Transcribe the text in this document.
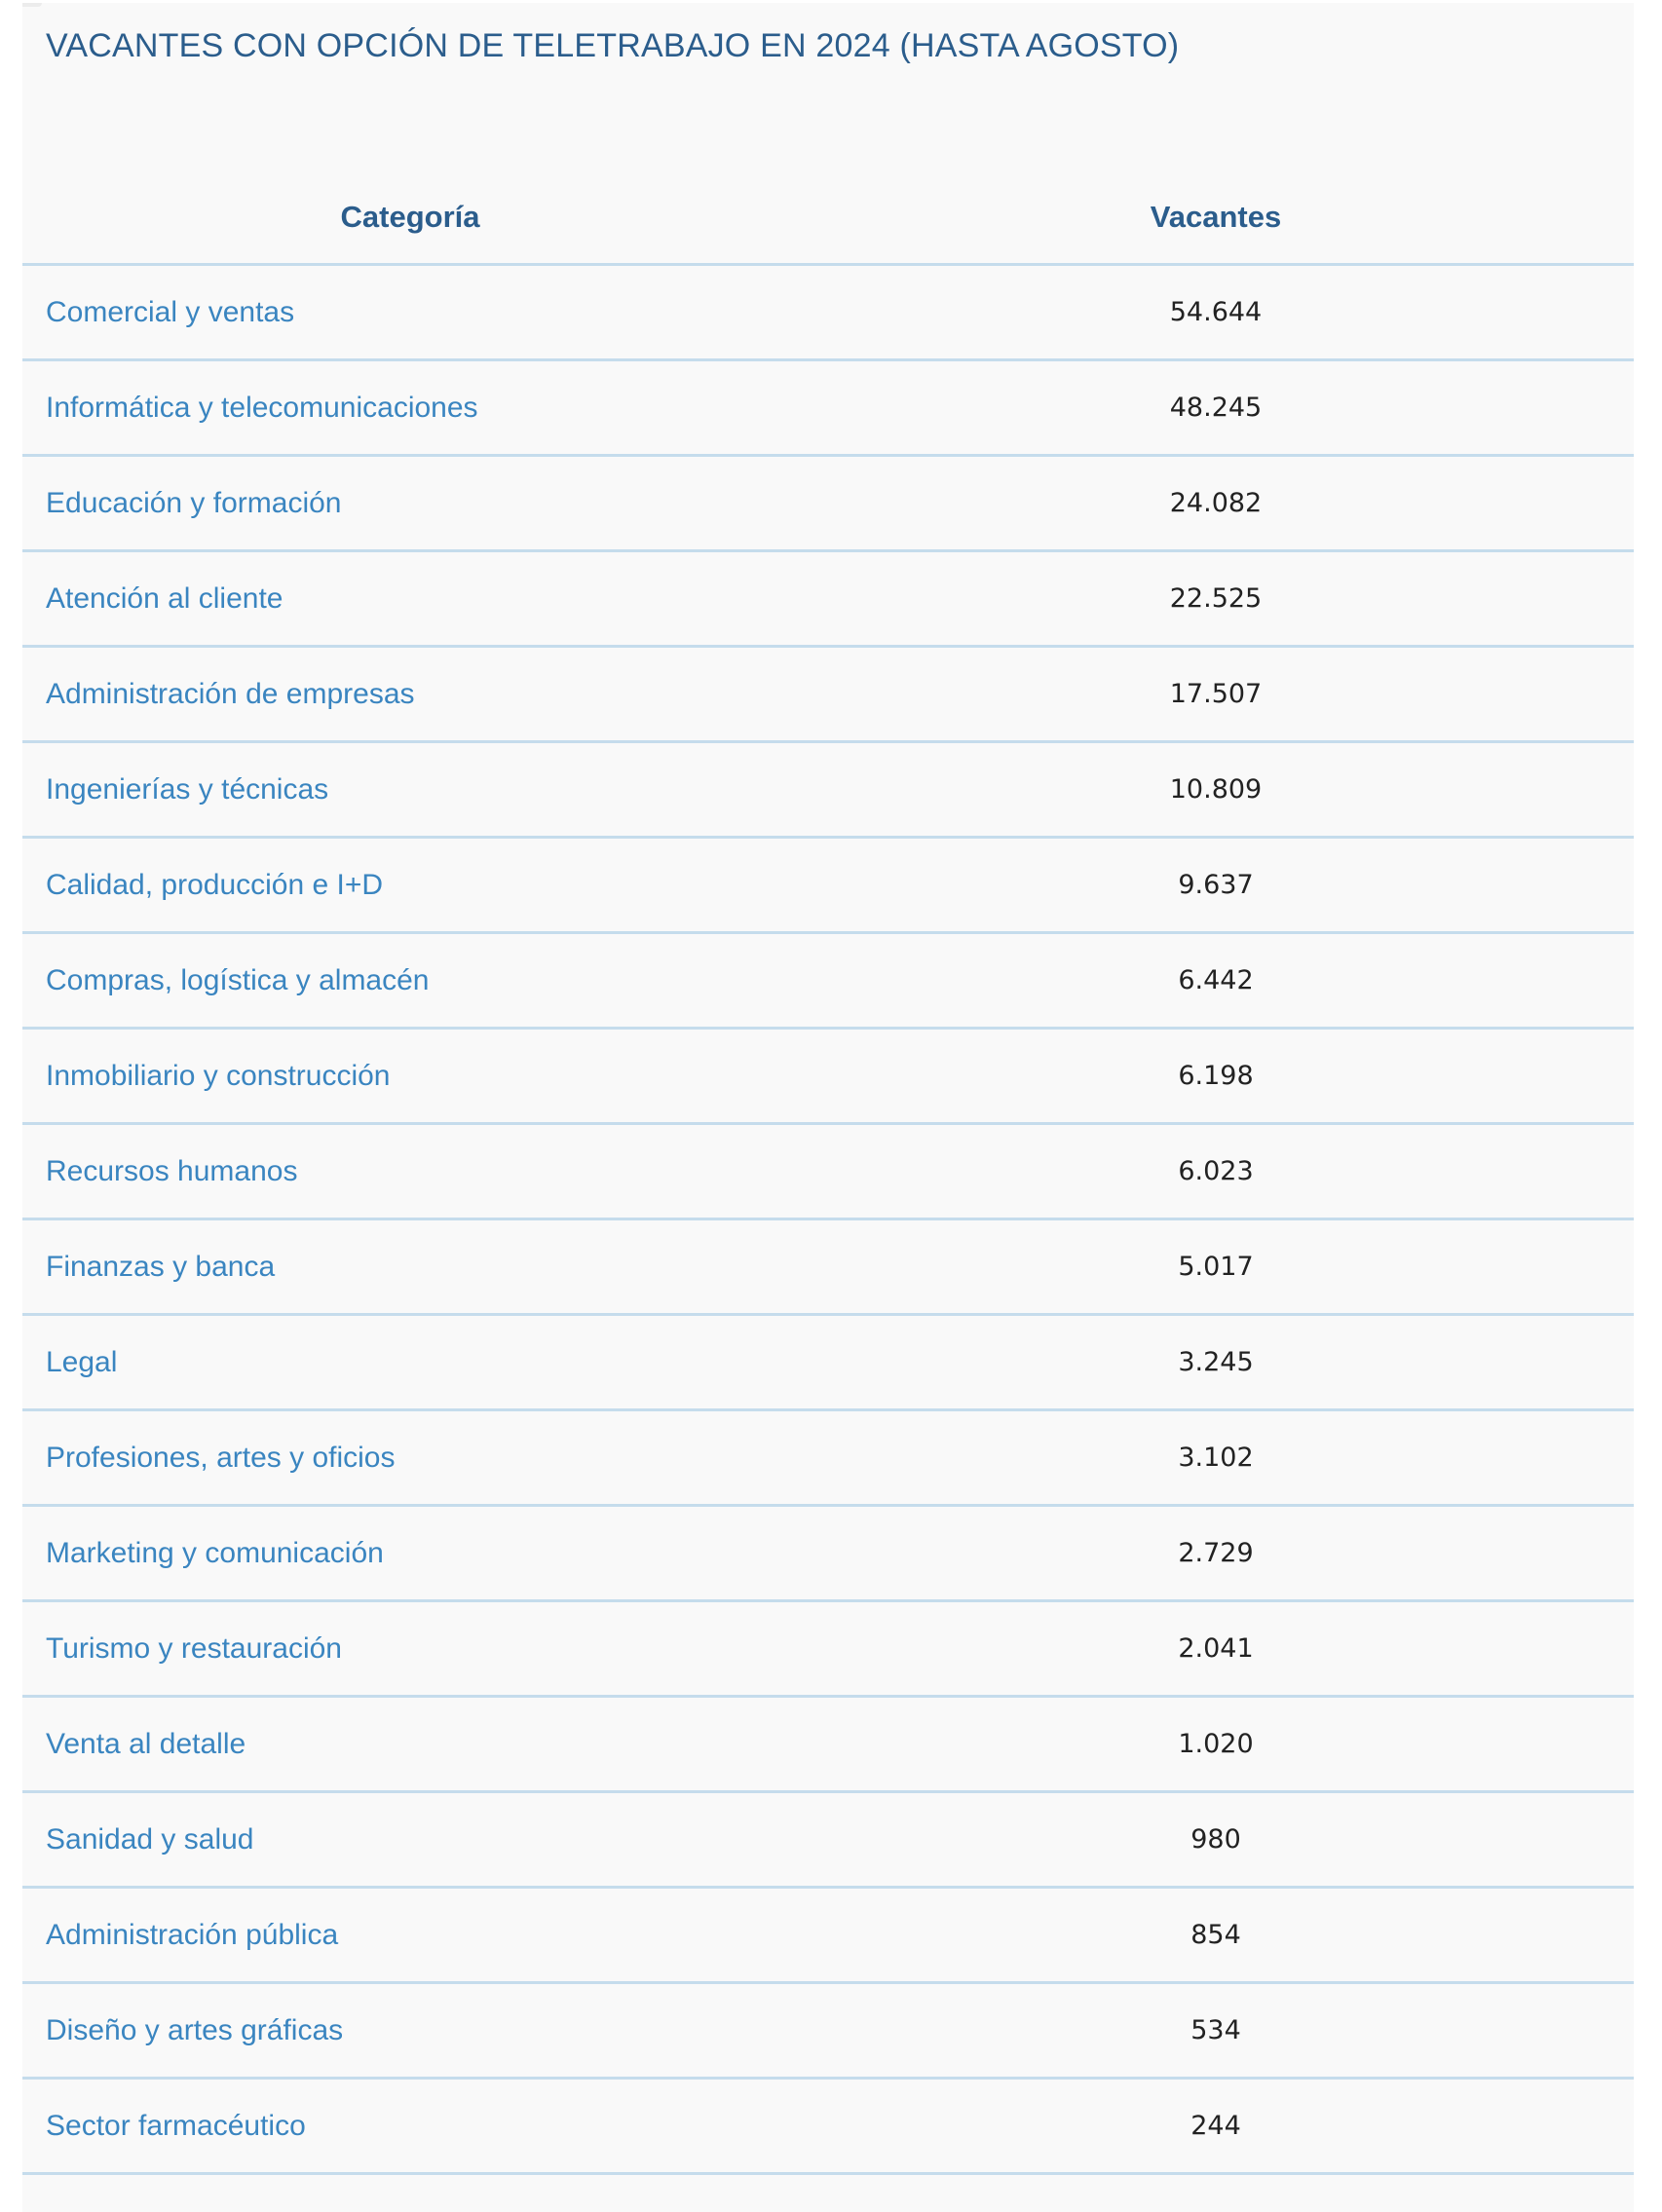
VACANTES CON OPCIÓN DE TELETRABAJO EN 2024 (HASTA AGOSTO)
Categoría	Vacantes
Comercial y ventas	54.644
Informática y telecomunicaciones	48.245
Educación y formación	24.082
Atención al cliente	22.525
Administración de empresas	17.507
Ingenierías y técnicas	10.809
Calidad, producción e I+D	9.637
Compras, logística y almacén	6.442
Inmobiliario y construcción	6.198
Recursos humanos	6.023
Finanzas y banca	5.017
Legal	3.245
Profesiones, artes y oficios	3.102
Marketing y comunicación	2.729
Turismo y restauración	2.041
Venta al detalle	1.020
Sanidad y salud	980
Administración pública	854
Diseño y artes gráficas	534
Sector farmacéutico	244
